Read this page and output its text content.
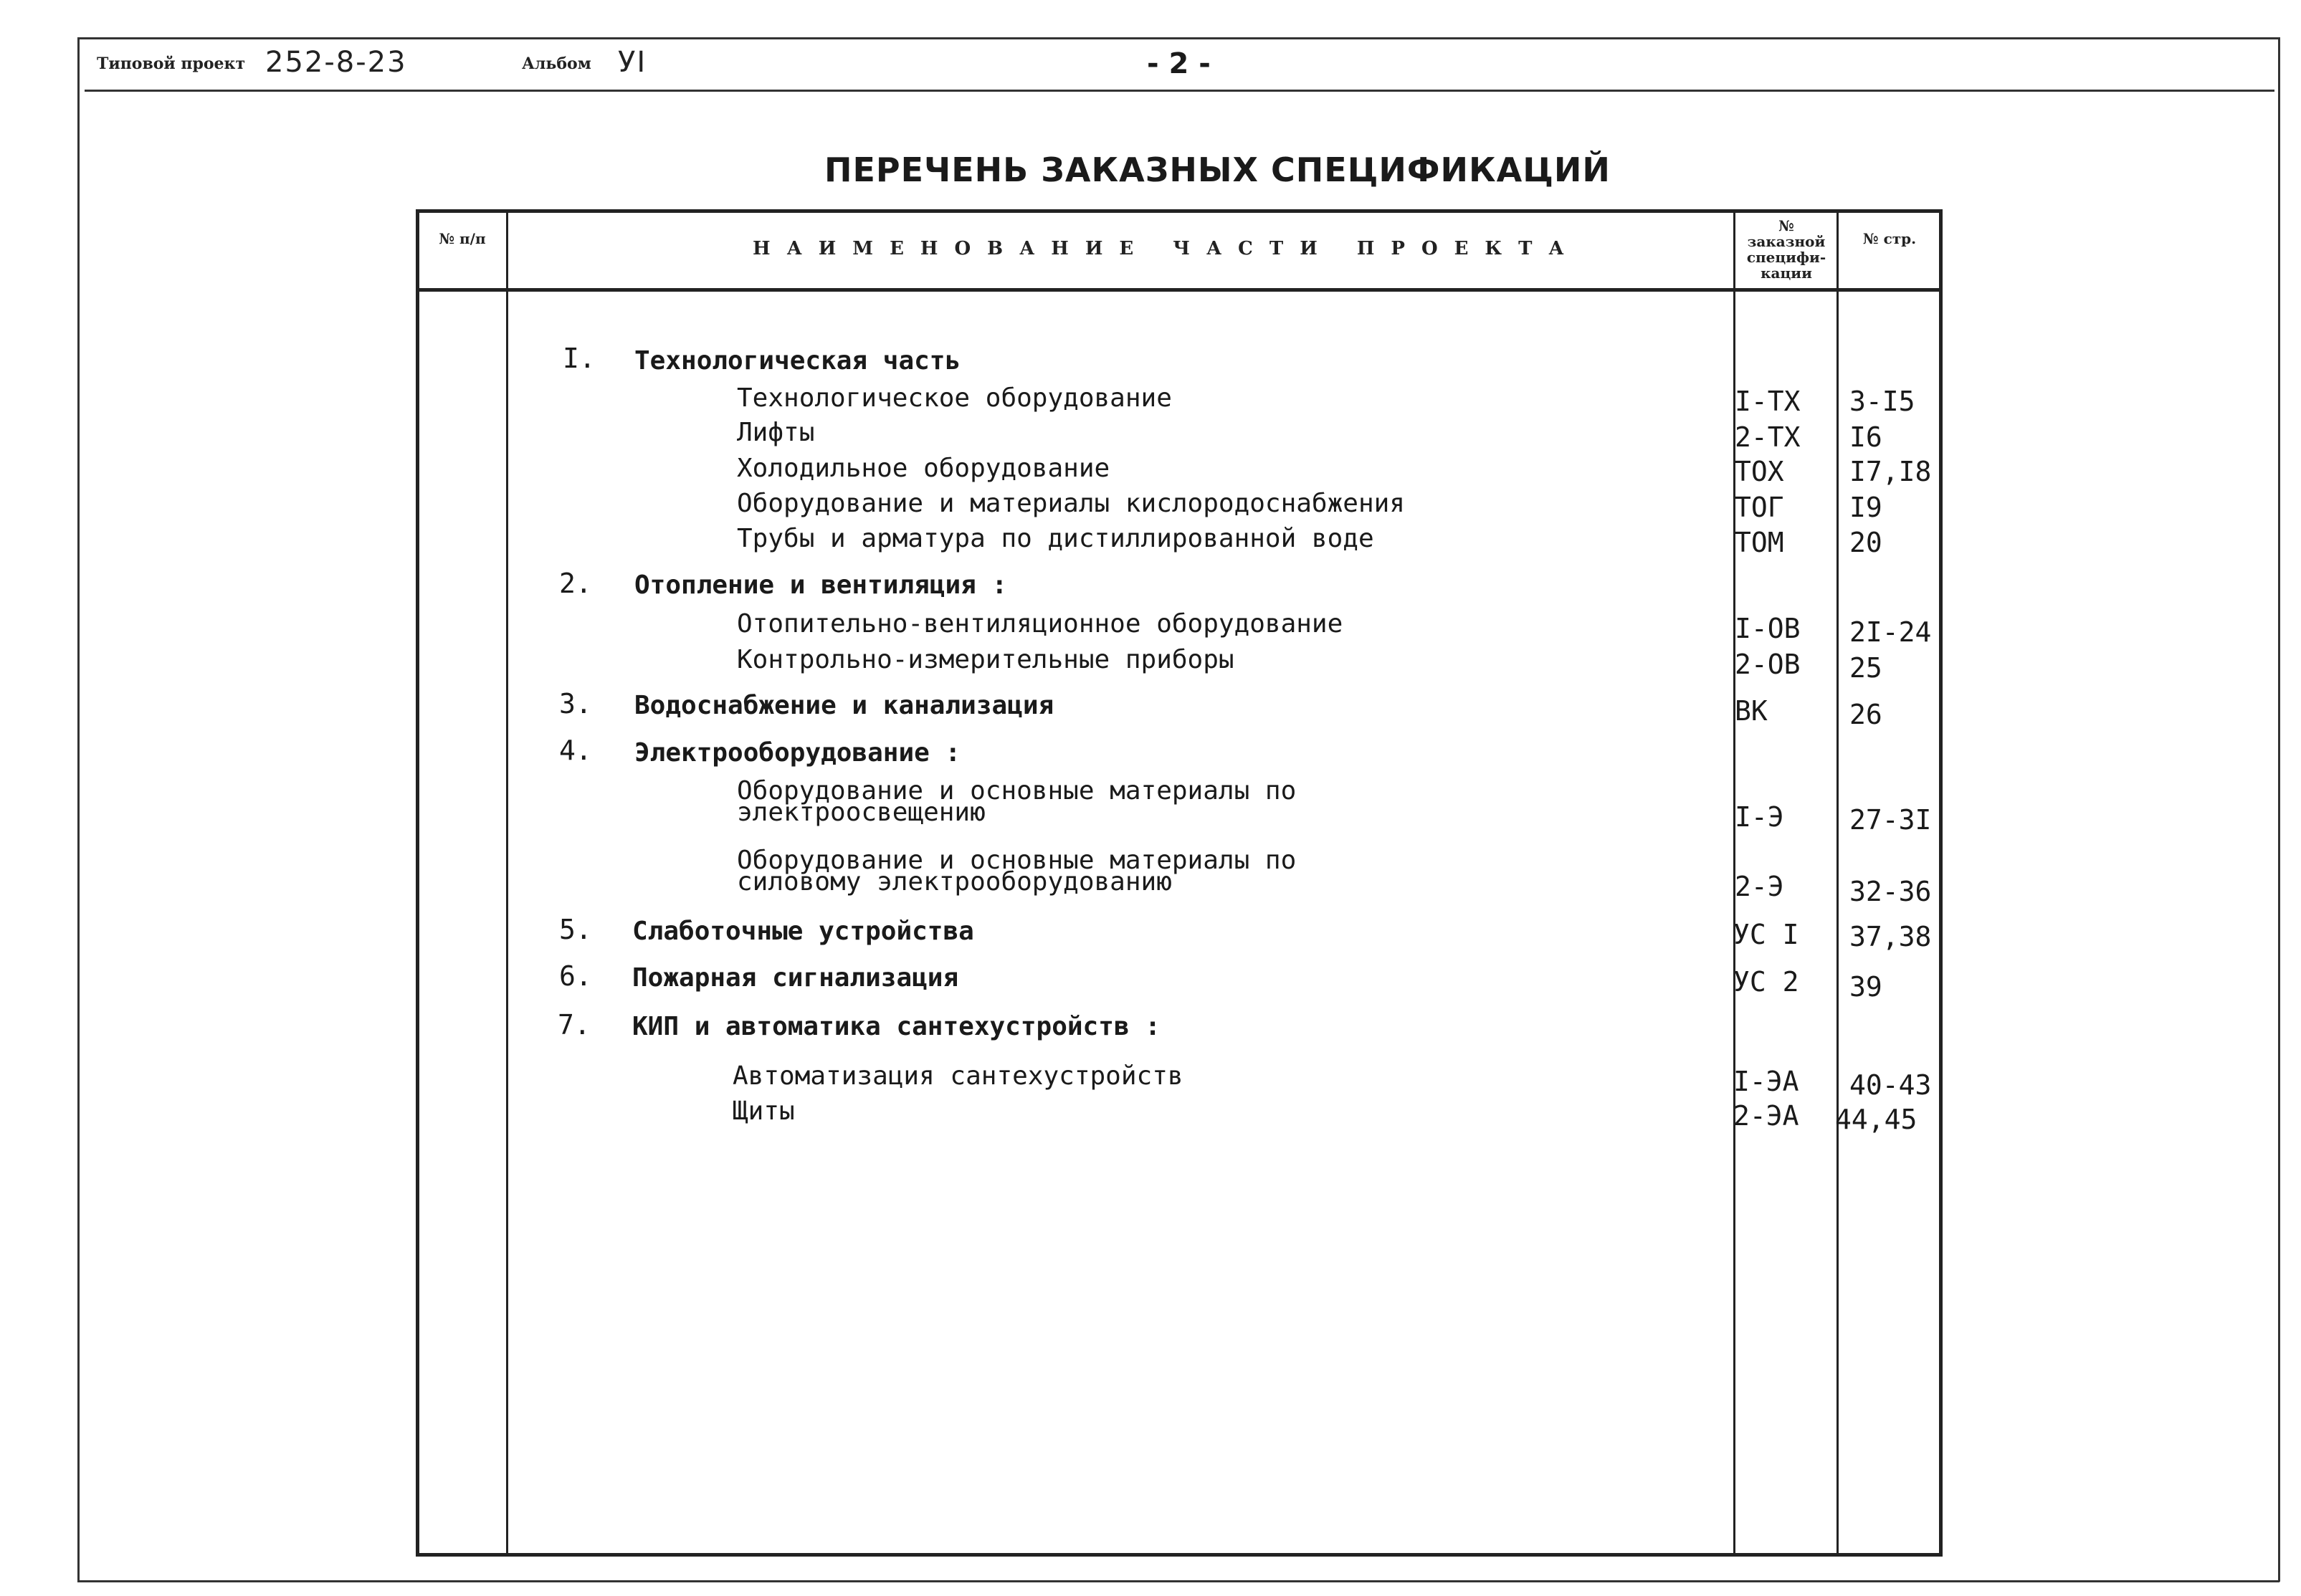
Типовой проект 252-8-23	Альбом УI	- 2 -
ПЕРЕЧЕНЬ ЗАКАЗНЫХ СПЕЦИФИКАЦИЙ
№ п/п	НАИМЕНОВАНИЕ ЧАСТИ ПРОЕКТА
№ заказной специфи- кации
№ стр.
I. Технологическая часть
Технологическое оборудование	I-ТХ 3-I5
Лифты	2-ТХ I6
Холодильное оборудование	ТОХ I7,I8
Оборудование и материалы кислородоснабжения	ТОГ I9
Трубы и арматура по дистиллированной воде	ТОМ 20
2. Отопление и вентиляция :
Отопительно-вентиляционное оборудование	I-ОВ 2I-24
Контрольно-измерительные приборы	2-ОВ 25
3. Водоснабжение и канализация	ВК	26
4. Электрооборудование :
Оборудование и основные материалы по
электроосвещению	I-Э 27-3I
Оборудование и основные материалы по
силовому электрооборудованию	2-Э 32-36
5. Слаботочные устройства	УС I 37,38
6. Пожарная сигнализация	УС 2 39
7. КИП и автоматика сантехустройств :
Автоматизация сантехустройств	I-ЭА 40-43
Щиты	2-ЭА 44,45
